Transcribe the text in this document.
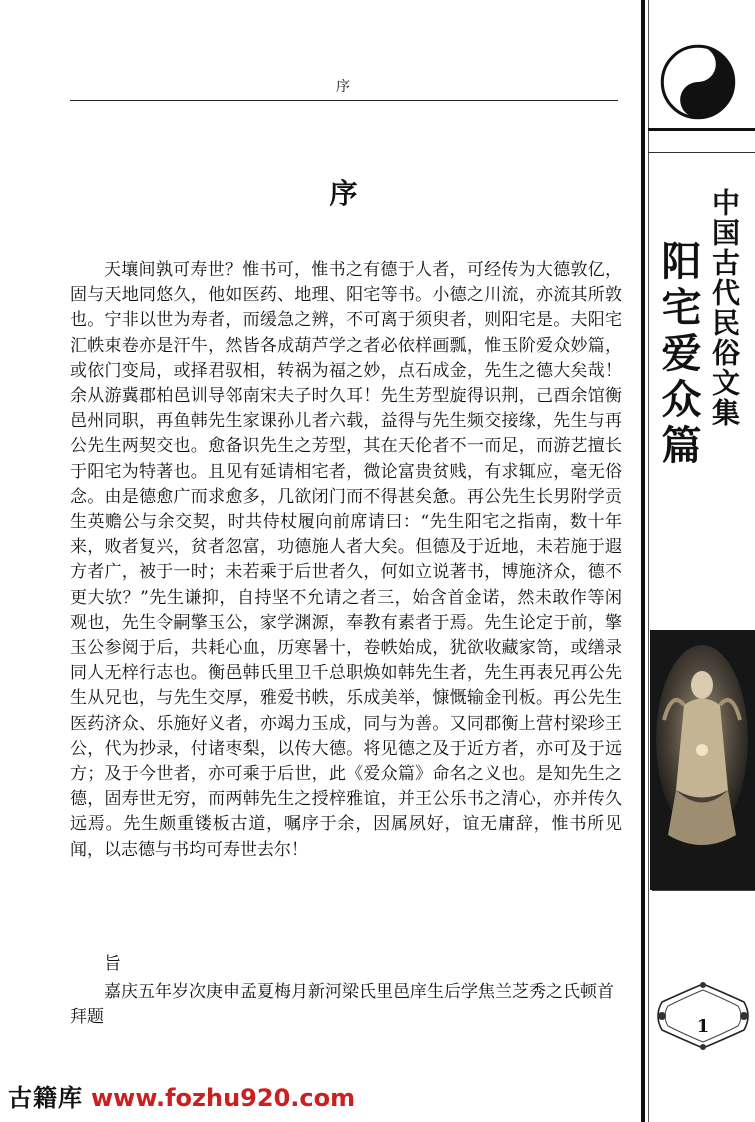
序
序

天壤间孰可寿世？惟书可，惟书之有德于人者，可经传为大德敦亿，固与天地同悠久，他如医药、地理、阳宅等书。小德之川流，亦流其所敦也。宁非以世为寿者，而缓急之辨，不可离于须臾者，则阳宅是。夫阳宅汇帙束卷亦是汗牛，然皆各成葫芦学之者必依样画瓢，惟玉阶爱众妙篇，或依门变局，或择君驭相，转祸为福之妙，点石成金，先生之德大矣哉！余从游冀郡柏邑训导邻南宋夫子时久耳！先生芳型旋得识荆，己酉余馆衡邑州同职，再鱼韩先生家课孙儿者六载，益得与先生频交接缘，先生与再公先生两契交也。愈备识先生之芳型，其在天伦者不一而足，而游艺擅长于阳宅为特著也。且见有延请相宅者，微论富贵贫贱，有求辄应，毫无俗念。由是德愈广而求愈多，几欲闭门而不得甚矣惫。再公先生长男附学贡生英赡公与余交契，时共侍杖履向前席请曰：“先生阳宅之指南，数十年来，败者复兴，贫者忽富，功德施人者大矣。但德及于近地，未若施于遐方者广，被于一时；未若乘于后世者久，何如立说著书，博施济众，德不更大欤？”先生谦抑，自持坚不允请之者三，始含首金诺，然未敢作等闲观也，先生令嗣擎玉公，家学渊源，奉教有素者于焉。先生论定于前，擎玉公参阅于后，共耗心血，历寒暑十，卷帙始成，犹欲收藏家笥，或缮录同人无梓行志也。衡邑韩氏里卫千总职焕如韩先生者，先生再表兄再公先生从兄也，与先生交厚，雅爱书帙，乐成美举，慷慨输金刊板。再公先生医药济众、乐施好义者，亦竭力玉成，同与为善。又同郡衡上营村梁珍王公，代为抄录，付诸枣梨，以传大德。将见德之及于近方者，亦可及于远方；及于今世者，亦可乘于后世，此《爱众篇》命名之义也。是知先生之德，固寿世无穷，而两韩先生之授梓雅谊，并王公乐书之清心，亦并传久远焉。先生颇重镂板古道，嘱序于余，因属夙好，谊无庸辞，惟书所见闻，以志德与书均可寿世去尔！

旨
嘉庆五年岁次庚申孟夏梅月新河梁氏里邑庠生后学焦兰芝秀之氏顿首拜题
中国古代民俗文集
阳宅爱众篇
1
古籍库 www.fozhu920.com
